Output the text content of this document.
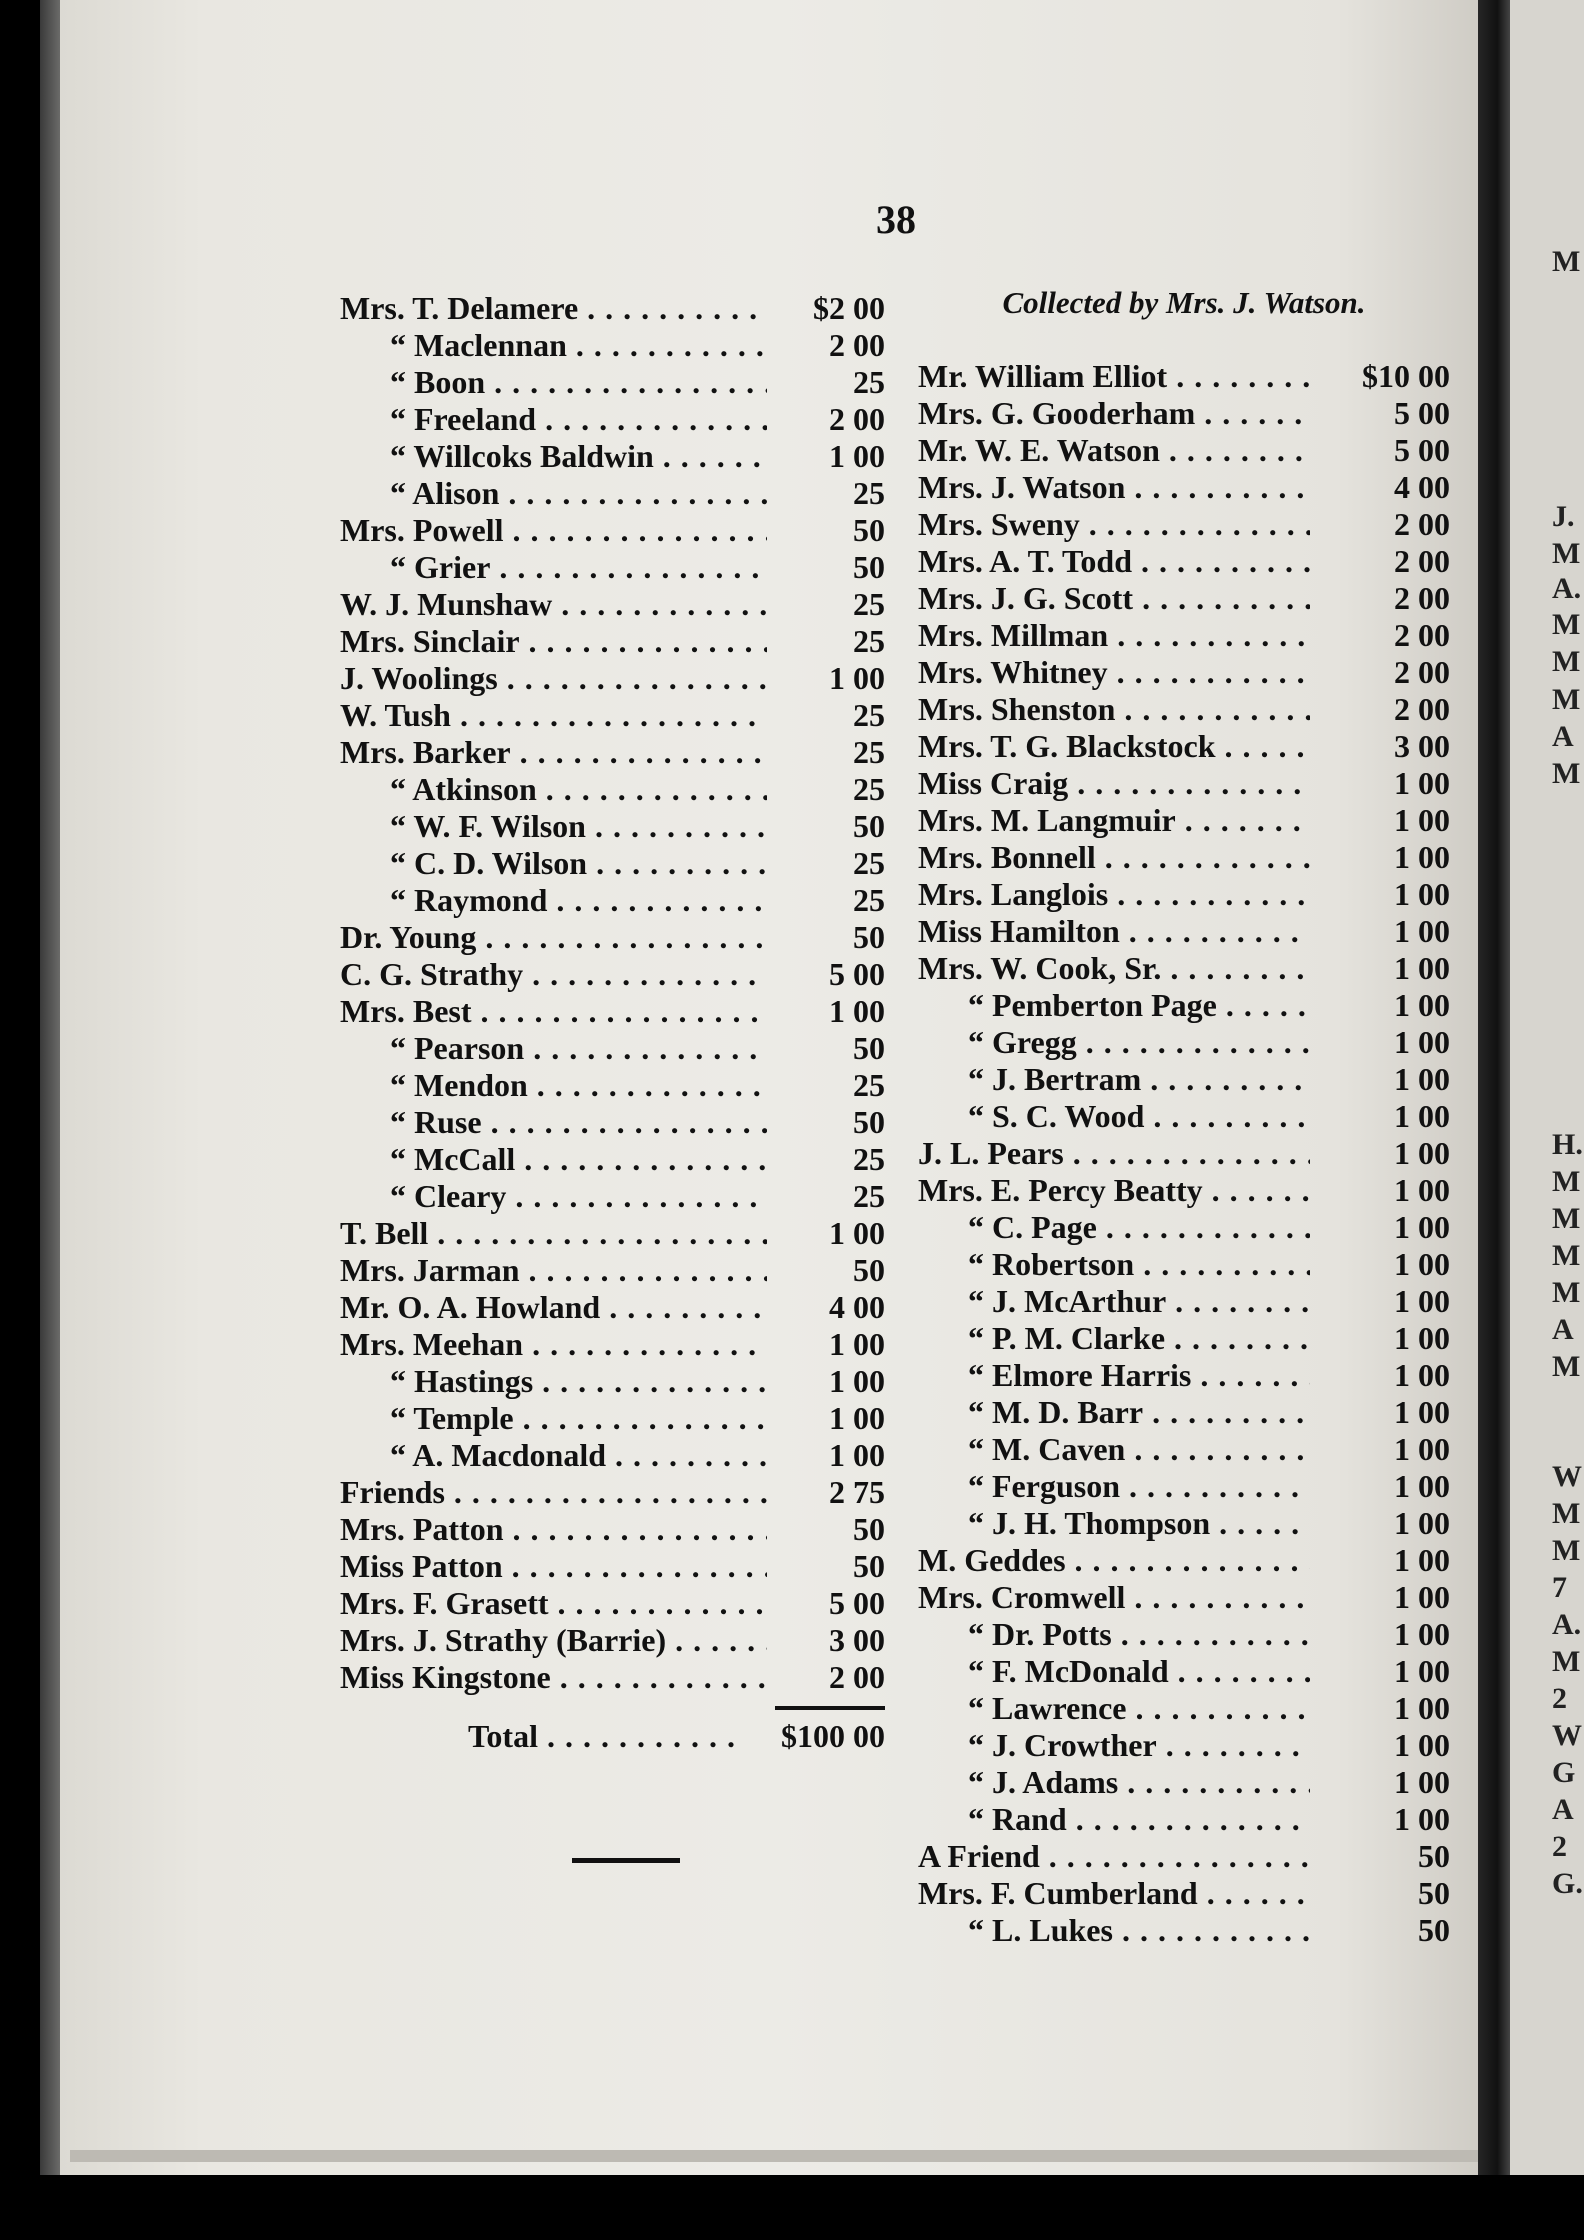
38
Mrs. T. Delamere . . .	$2 00
“ Maclennan . . .	2 00
“ Boon . . .	25
“ Freeland . . .	2 00
“ Willcoks Baldwin . . .	1 00
“ Alison . . .	25
Mrs. Powell . . .	50
“ Grier . . .	50
W. J. Munshaw . . .	25
Mrs. Sinclair . . .	25
J. Woolings . . .	1 00
W. Tush . . .	25
Mrs. Barker . . .	25
“ Atkinson . . .	25
“ W. F. Wilson . . .	50
“ C. D. Wilson . . .	25
“ Raymond . . .	25
Dr. Young . . .	50
C. G. Strathy . . .	5 00
Mrs. Best . . .	1 00
“ Pearson . . .	50
“ Mendon . . .	25
“ Ruse . . .	50
“ McCall . . .	25
“ Cleary . . .	25
T. Bell . . .	1 00
Mrs. Jarman . . .	50
Mr. O. A. Howland . . .	4 00
Mrs. Meehan . . .	1 00
“ Hastings . . .	1 00
“ Temple . . .	1 00
“ A. Macdonald . . .	1 00
Friends . . .	2 75
Mrs. Patton . . .	50
Miss Patton . . .	50
Mrs. F. Grasett . . .	5 00
Mrs. J. Strathy (Barrie) . . .	3 00
Miss Kingstone . . .	2 00
Total . . .	$100 00
Collected by Mrs. J. Watson.
Mr. William Elliot . . .	$10 00
Mrs. G. Gooderham . . .	5 00
Mr. W. E. Watson . . .	5 00
Mrs. J. Watson . . .	4 00
Mrs. Sweny . . .	2 00
Mrs. A. T. Todd . . .	2 00
Mrs. J. G. Scott . . .	2 00
Mrs. Millman . . .	2 00
Mrs. Whitney . . .	2 00
Mrs. Shenston . . .	2 00
Mrs. T. G. Blackstock . . .	3 00
Miss Craig . . .	1 00
Mrs. M. Langmuir . . .	1 00
Mrs. Bonnell . . .	1 00
Mrs. Langlois . . .	1 00
Miss Hamilton . . .	1 00
Mrs. W. Cook, Sr. . . .	1 00
“ Pemberton Page . . .	1 00
“ Gregg . . .	1 00
“ J. Bertram . . .	1 00
“ S. C. Wood . . .	1 00
J. L. Pears . . .	1 00
Mrs. E. Percy Beatty . . .	1 00
“ C. Page . . .	1 00
“ Robertson . . .	1 00
“ J. McArthur . . .	1 00
“ P. M. Clarke . . .	1 00
“ Elmore Harris . . .	1 00
“ M. D. Barr . . .	1 00
“ M. Caven . . .	1 00
“ Ferguson . . .	1 00
“ J. H. Thompson . . .	1 00
M. Geddes . . .	1 00
Mrs. Cromwell . . .	1 00
“ Dr. Potts . . .	1 00
“ F. McDonald . . .	1 00
“ Lawrence . . .	1 00
“ J. Crowther . . .	1 00
“ J. Adams . . .	1 00
“ Rand . . .	1 00
A Friend . . .	50
Mrs. F. Cumberland . . .	50
“ L. Lukes . . .	50
M
J.
M
A.
M
M
M
A
M
H.
M
M
M
M
A
M
W
M
M
7
A.
M
2
W
G
A
2
G.
